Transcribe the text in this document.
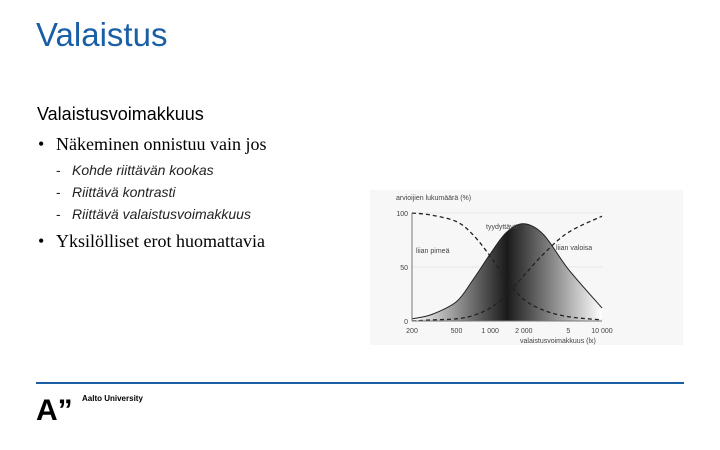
Valaistus
Valaistusvoimakkuus
• Näkeminen onnistuu vain jos
- Kohde riittävän kookas
- Riittävä kontrasti
- Riittävä valaistusvoimakkuus
• Yksilölliset erot huomattavia
0
50
100
200	500	1 000 2 000	5	10 000
arvioijien lukumäärä (%)
valaistusvoimakkuus (lx)
liian pimeä
tyydyttävä
liian valoisa
A” Aalto University
